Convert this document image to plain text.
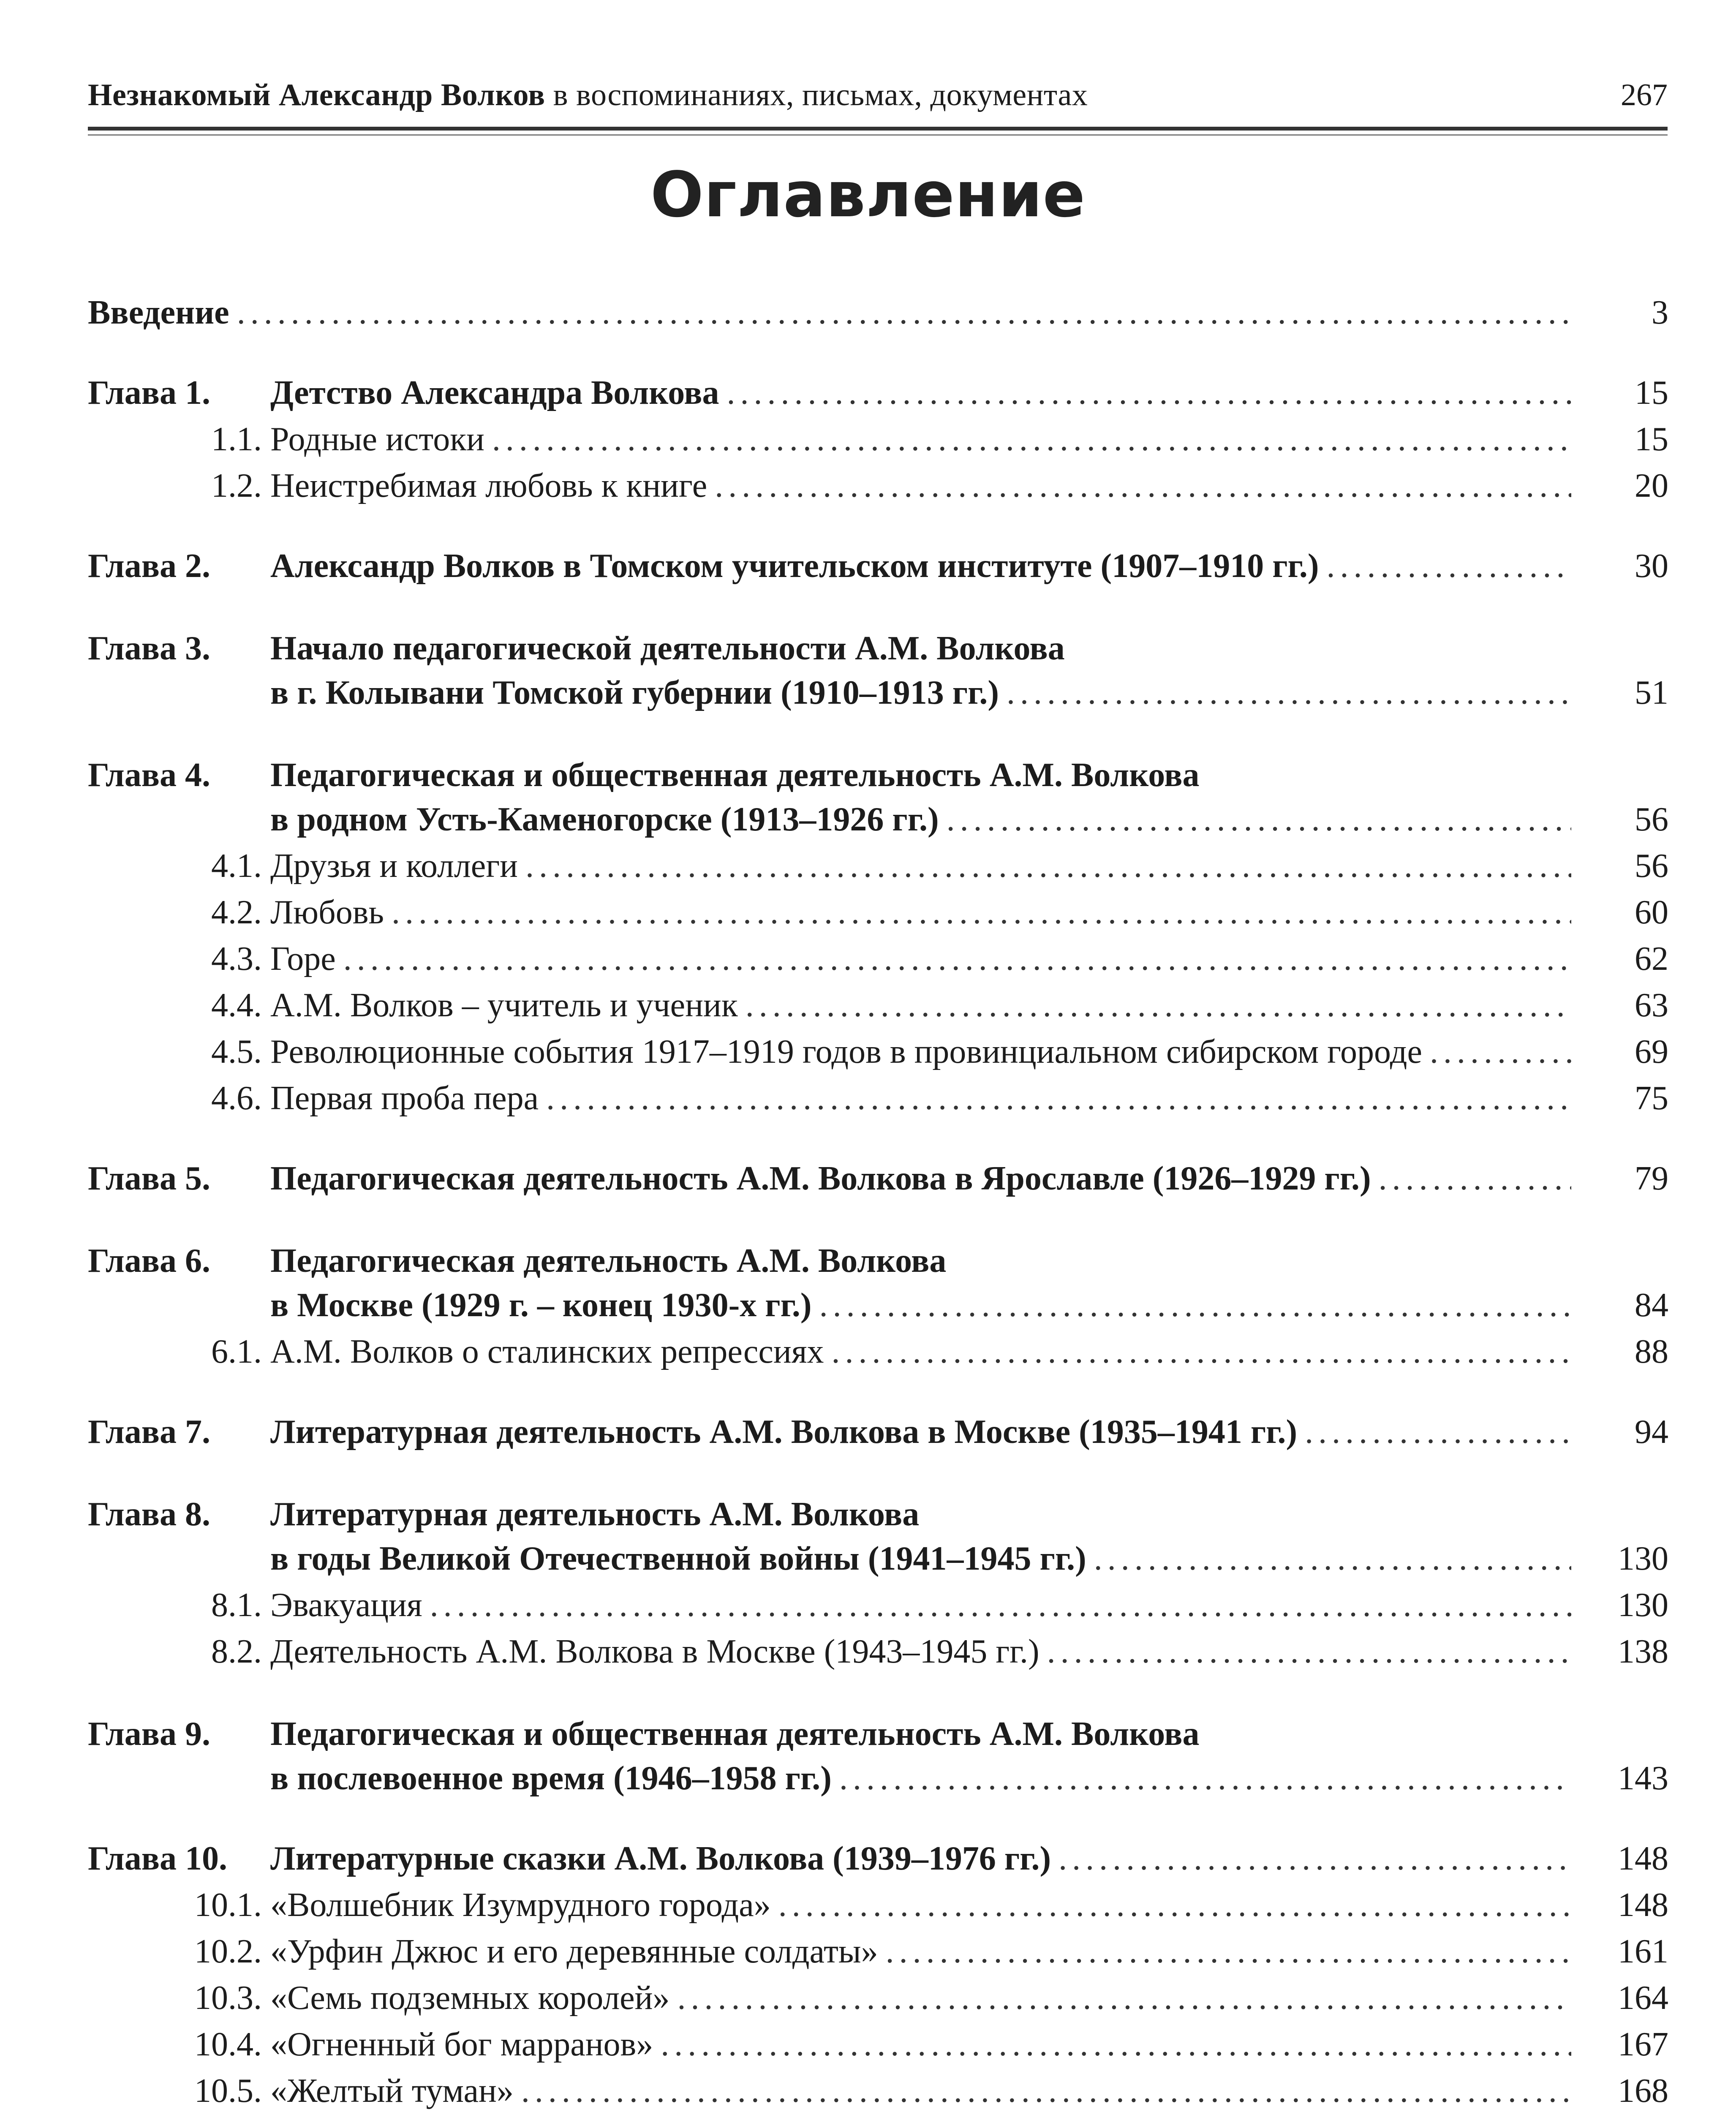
Незнакомый Александр Волков в воспоминаниях, письмах, документах	267
Оглавление
Введение . . .	3
Глава 1. Детство Александра Волкова . . .	15
1.1. Родные истоки . . .	15
1.2. Неистребимая любовь к книге . . .	20
Глава 2. Александр Волков в Томском учительском институте (1907–1910 гг.) . . .	30
Глава 3. Начало педагогической деятельности А.М. Волкова
в г. Колывани Томской губернии (1910–1913 гг.) . . .	51
Глава 4. Педагогическая и общественная деятельность А.М. Волкова
в родном Усть-Каменогорске (1913–1926 гг.) . . .	56
4.1. Друзья и коллеги . . .	56
4.2. Любовь . . .	60
4.3. Горе . . .	62
4.4. А.М. Волков – учитель и ученик . . .	63
4.5. Революционные события 1917–1919 годов в провинциальном сибирском городе . . .	69
4.6. Первая проба пера . . .	75
Глава 5. Педагогическая деятельность А.М. Волкова в Ярославле (1926–1929 гг.) . . .	79
Глава 6. Педагогическая деятельность А.М. Волкова
в Москве (1929 г. – конец 1930-х гг.) . . .	84
6.1. А.М. Волков о сталинских репрессиях . . .	88
Глава 7. Литературная деятельность А.М. Волкова в Москве (1935–1941 гг.) . . .	94
Глава 8. Литературная деятельность А.М. Волкова
в годы Великой Отечественной войны (1941–1945 гг.) . . .	130
8.1. Эвакуация . . .	130
8.2. Деятельность А.М. Волкова в Москве (1943–1945 гг.) . . .	138
Глава 9. Педагогическая и общественная деятельность А.М. Волкова
в послевоенное время (1946–1958 гг.) . . .	143
Глава 10. Литературные сказки А.М. Волкова (1939–1976 гг.) . . .	148
10.1. «Волшебник Изумрудного города» . . .	148
10.2. «Урфин Джюс и его деревянные солдаты» . . .	161
10.3. «Семь подземных королей» . . .	164
10.4. «Огненный бог марранов» . . .	167
10.5. «Желтый туман» . . .	168
